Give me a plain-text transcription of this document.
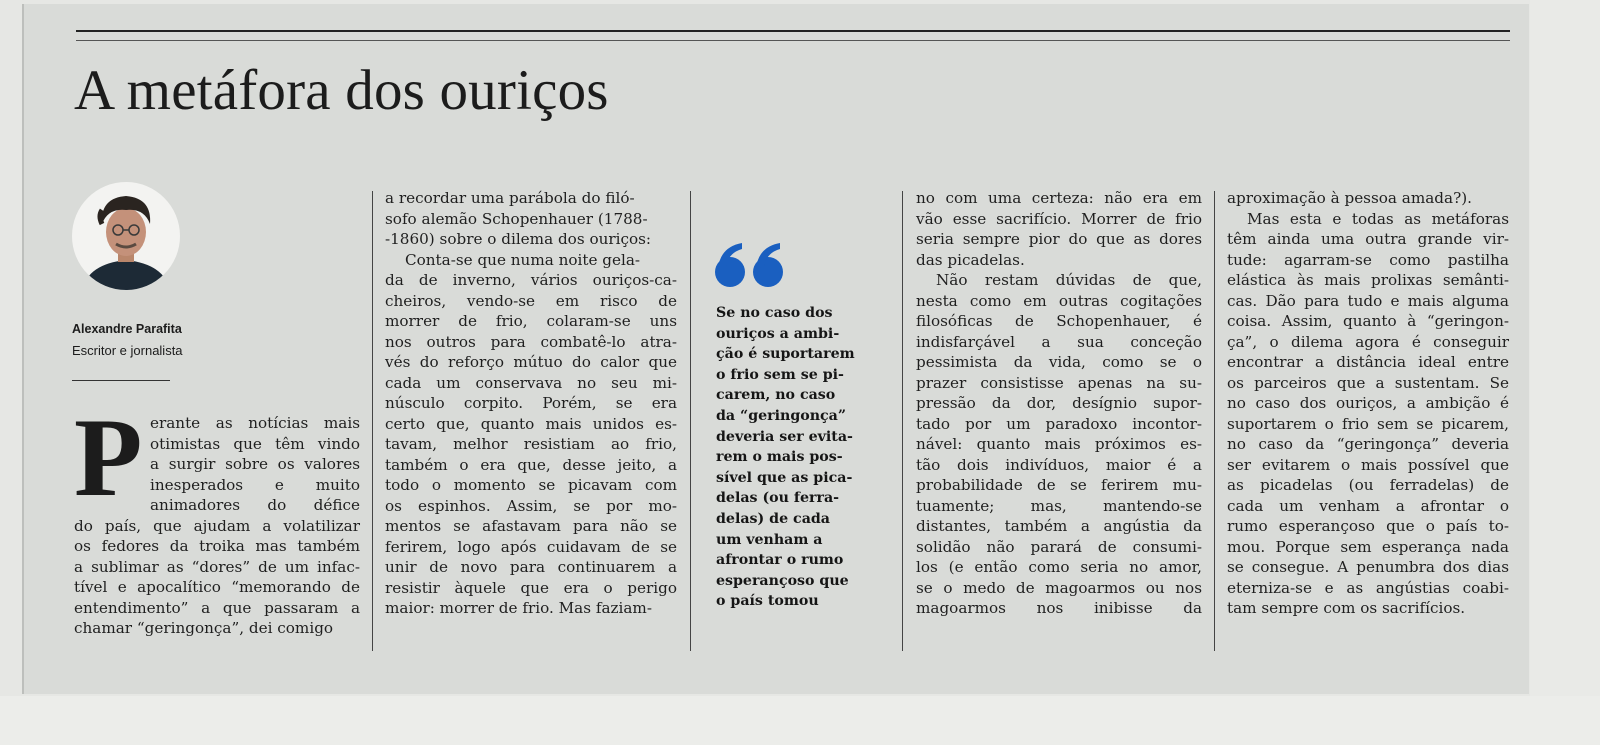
A metáfora dos ouriços
Alexandre Parafita
Escritor e jornalista
P erante as notícias mais
otimistas que têm vindo
a surgir sobre os valores
inesperados e muito
animadores do défice
do país, que ajudam a volatilizar
os fedores da troika mas também
a sublimar as “dores” de um infac-
tível e apocalítico “memorando de
entendimento” a que passaram a
chamar “geringonça”, dei comigo
a recordar uma parábola do filó-
sofo alemão Schopenhauer (1788-
-1860) sobre o dilema dos ouriços:
Conta-se que numa noite gela-
da de inverno, vários ouriços-ca-
cheiros, vendo-se em risco de
morrer de frio, colaram-se uns
nos outros para combatê-lo atra-
vés do reforço mútuo do calor que
cada um conservava no seu mi-
núsculo corpito. Porém, se era
certo que, quanto mais unidos es-
tavam, melhor resistiam ao frio,
também o era que, desse jeito, a
todo o momento se picavam com
os espinhos. Assim, se por mo-
mentos se afastavam para não se
ferirem, logo após cuidavam de se
unir de novo para continuarem a
resistir àquele que era o perigo
maior: morrer de frio. Mas faziam-
Se no caso dos
ouriços a ambi-
ção é suportarem
o frio sem se pi-
carem, no caso
da “geringonça”
deveria ser evita-
rem o mais pos-
sível que as pica-
delas (ou ferra-
delas) de cada
um venham a
afrontar o rumo
esperançoso que
o país tomou
no com uma certeza: não era em
vão esse sacrifício. Morrer de frio
seria sempre pior do que as dores
das picadelas.
Não restam dúvidas de que,
nesta como em outras cogitações
filosóficas de Schopenhauer, é
indisfarçável a sua conceção
pessimista da vida, como se o
prazer consistisse apenas na su-
pressão da dor, desígnio supor-
tado por um paradoxo incontor-
nável: quanto mais próximos es-
tão dois indivíduos, maior é a
probabilidade de se ferirem mu-
tuamente; mas, mantendo-se
distantes, também a angústia da
solidão não parará de consumi-
los (e então como seria no amor,
se o medo de magoarmos ou nos
magoarmos nos inibisse da
aproximação à pessoa amada?).
Mas esta e todas as metáforas
têm ainda uma outra grande vir-
tude: agarram-se como pastilha
elástica às mais prolixas semânti-
cas. Dão para tudo e mais alguma
coisa. Assim, quanto à “geringon-
ça”, o dilema agora é conseguir
encontrar a distância ideal entre
os parceiros que a sustentam. Se
no caso dos ouriços, a ambição é
suportarem o frio sem se picarem,
no caso da “geringonça” deveria
ser evitarem o mais possível que
as picadelas (ou ferradelas) de
cada um venham a afrontar o
rumo esperançoso que o país to-
mou. Porque sem esperança nada
se consegue. A penumbra dos dias
eterniza-se e as angústias coabi-
tam sempre com os sacrifícios.
